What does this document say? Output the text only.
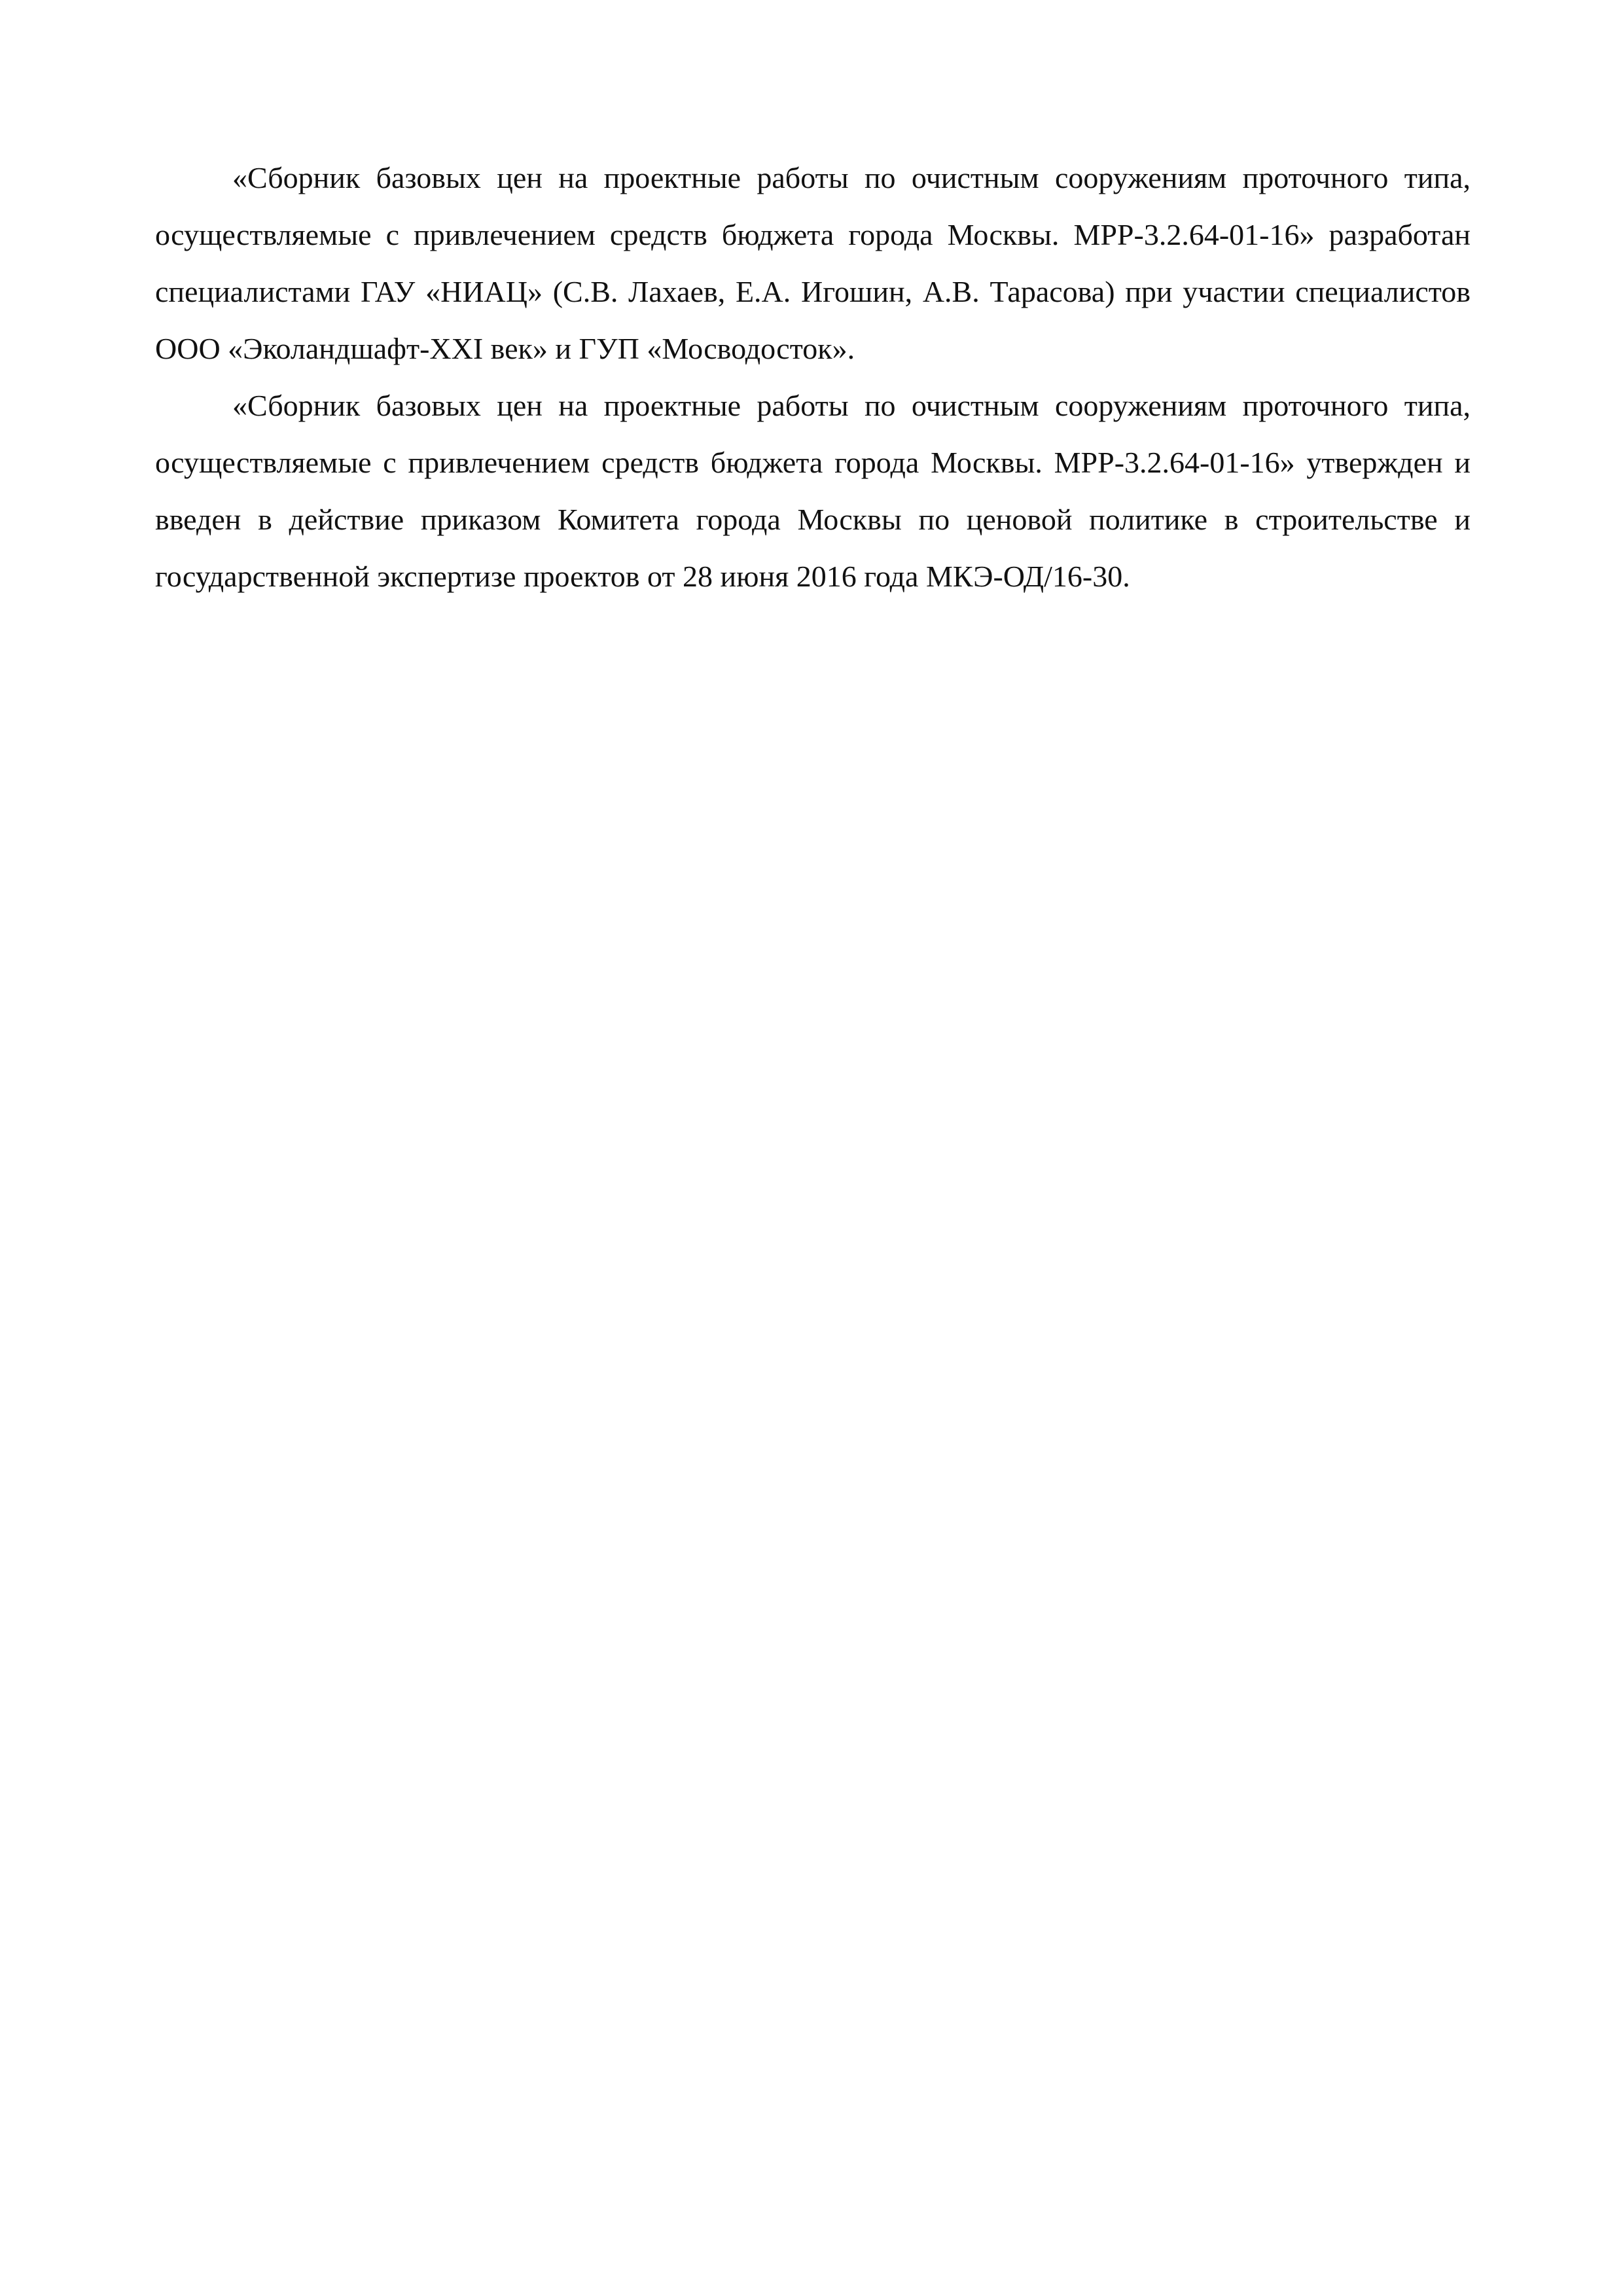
«Сборник базовых цен на проектные работы по очистным сооружениям проточного типа, осуществляемые с привлечением средств бюджета города Москвы. МРР-3.2.64-01-16» разработан специалистами ГАУ «НИАЦ» (С.В. Лахаев, Е.А. Игошин, А.В. Тарасова) при участии специалистов ООО «Эколандшафт-XXI век» и ГУП «Мосводосток».

«Сборник базовых цен на проектные работы по очистным сооружениям проточного типа, осуществляемые с привлечением средств бюджета города Москвы. МРР-3.2.64-01-16» утвержден и введен в действие приказом Комитета города Москвы по ценовой политике в строительстве и государственной экспертизе проектов от 28 июня 2016 года МКЭ-ОД/16-30.
